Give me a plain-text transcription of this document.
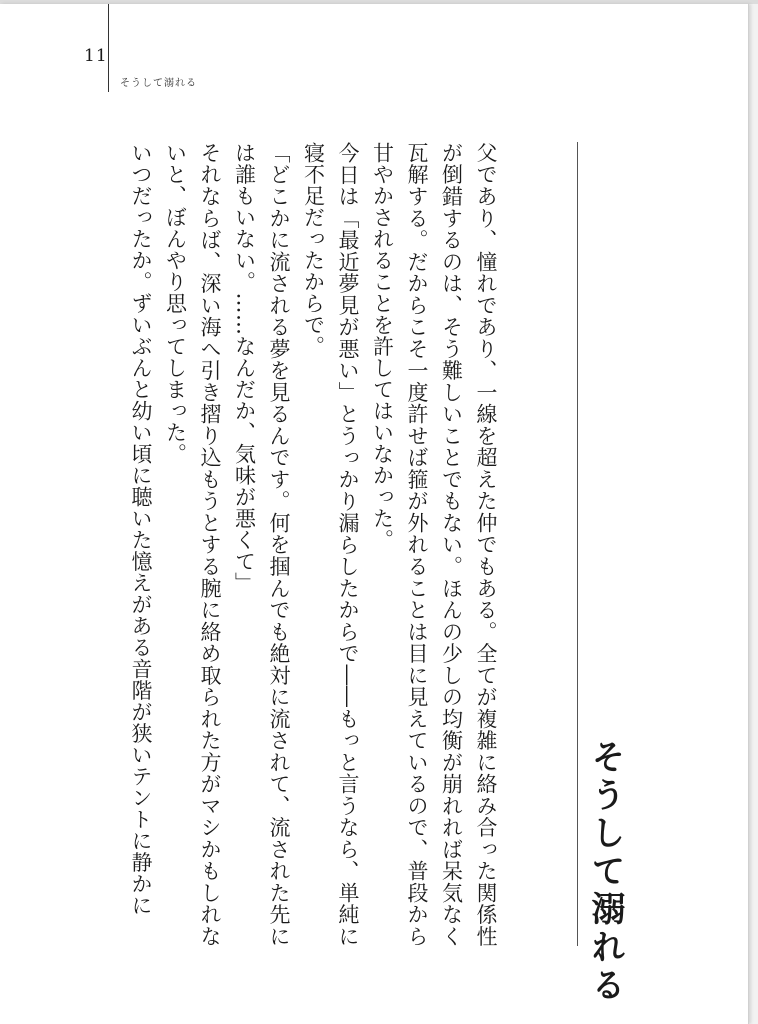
11
そうして溺れる
そうして溺れる

父であり、憧れであり、一線を超えた仲でもある。全てが複雑に絡み合った関係性が倒錯するのは、そう難しいことでもない。ほんの少しの均衡が崩れれば呆気なく瓦解する。だからこそ一度許せば箍が外れることは目に見えているので、普段から甘やかされることを許してはいなかった。

今日は「最近夢見が悪い」とうっかり漏らしたからで――もっと言うなら、単純に寝不足だったからで。

「どこかに流される夢を見るんです。何を掴んでも絶対に流されて、流された先には誰もいない。……なんだか、気味が悪くて」

それならば、深い海へ引き摺り込もうとする腕に絡め取られた方がマシかもしれないと、ぼんやり思ってしまった。

いつだったか。ずいぶんと幼い頃に聴いた憶えがある音階が狭いテントに静かに
